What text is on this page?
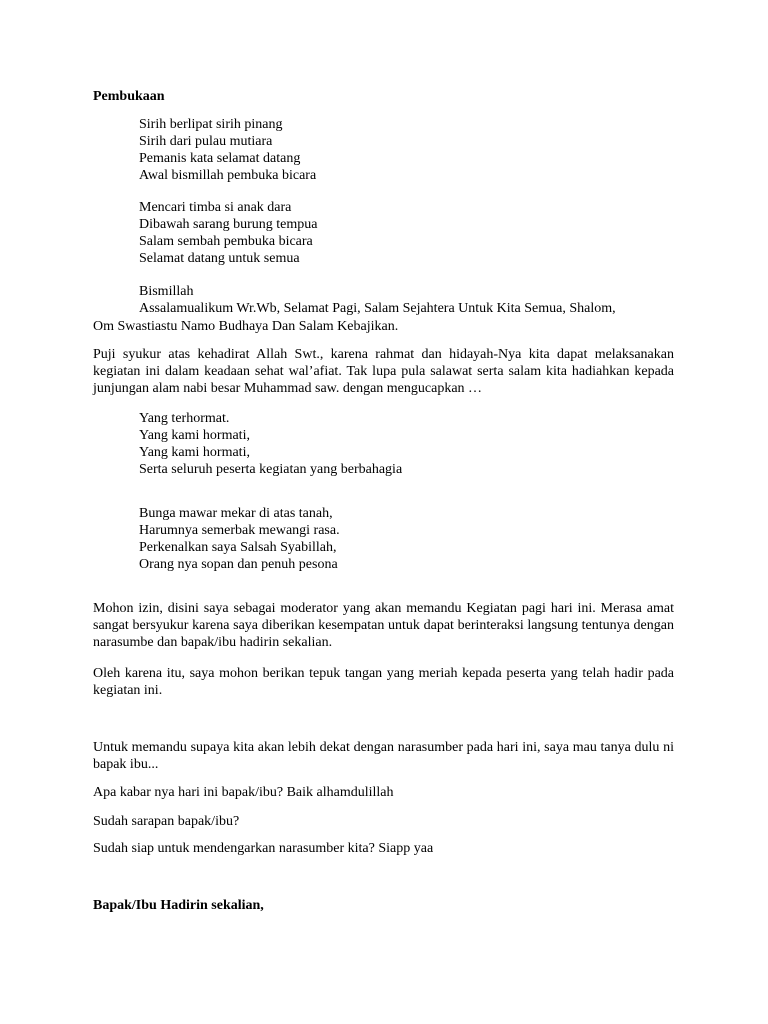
Pembukaan

Sirih berlipat sirih pinang
Sirih dari pulau mutiara
Pemanis kata selamat datang
Awal bismillah pembuka bicara
Mencari timba si anak dara
Dibawah sarang burung tempua
Salam sembah pembuka bicara
Selamat datang untuk semua

Bismillah

Assalamualikum Wr.Wb, Selamat Pagi, Salam Sejahtera Untuk Kita Semua, Shalom,

Om Swastiastu Namo Budhaya Dan Salam Kebajikan.

Puji syukur atas kehadirat Allah Swt., karena rahmat dan hidayah-Nya kita dapat melaksanakan kegiatan ini dalam keadaan sehat wal’afiat. Tak lupa pula salawat serta salam kita hadiahkan kepada junjungan alam nabi besar Muhammad saw. dengan mengucapkan …

Yang terhormat.
Yang kami hormati,
Yang kami hormati,
Serta seluruh peserta kegiatan yang berbahagia
Bunga mawar mekar di atas tanah,
Harumnya semerbak mewangi rasa.
Perkenalkan saya Salsah Syabillah,
Orang nya sopan dan penuh pesona

Mohon izin, disini saya sebagai moderator yang akan memandu Kegiatan pagi hari ini. Merasa amat sangat bersyukur karena saya diberikan kesempatan untuk dapat berinteraksi langsung tentunya dengan narasumbe dan bapak/ibu hadirin sekalian.

Oleh karena itu, saya mohon berikan tepuk tangan yang meriah kepada peserta yang telah hadir pada kegiatan ini.

Untuk memandu supaya kita akan lebih dekat dengan narasumber pada hari ini, saya mau tanya dulu ni bapak ibu...

Apa kabar nya hari ini bapak/ibu? Baik alhamdulillah

Sudah sarapan bapak/ibu?

Sudah siap untuk mendengarkan narasumber kita? Siapp yaa

Bapak/Ibu Hadirin sekalian,
